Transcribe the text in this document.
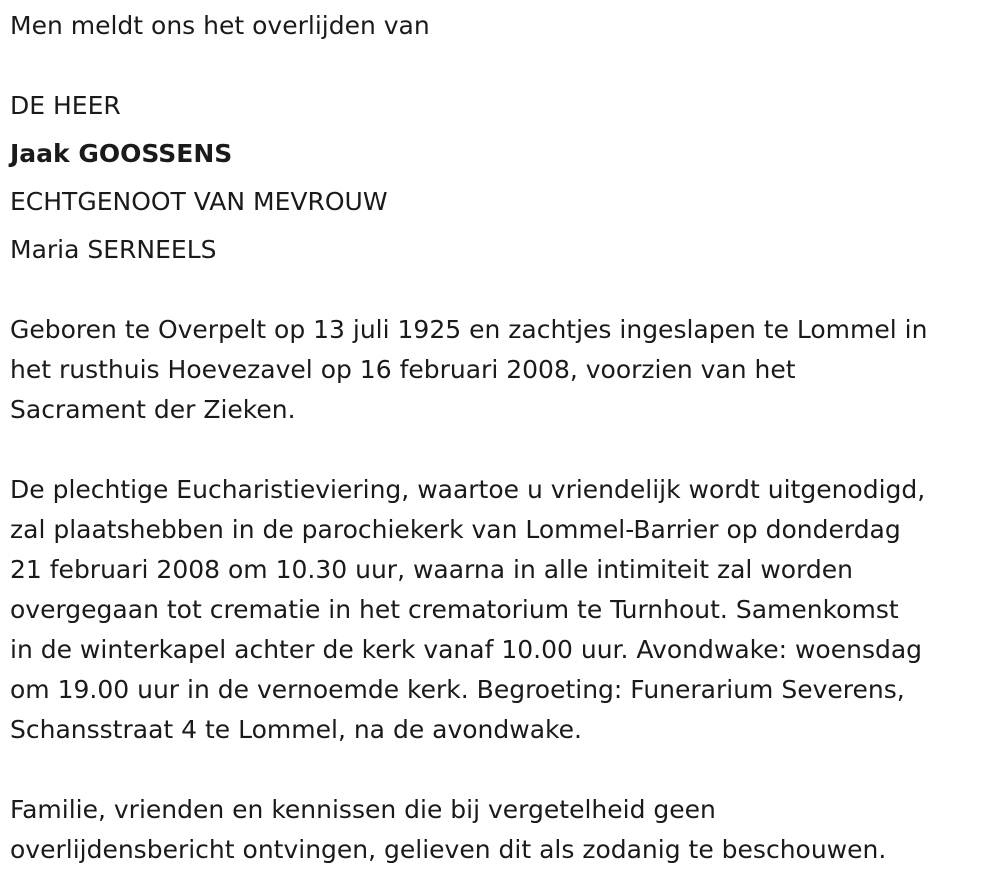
Men meldt ons het overlijden van
DE HEER
Jaak GOOSSENS
ECHTGENOOT VAN MEVROUW
Maria SERNEELS
Geboren te Overpelt op 13 juli 1925 en zachtjes ingeslapen te Lommel in
het rusthuis Hoevezavel op 16 februari 2008, voorzien van het
Sacrament der Zieken.
De plechtige Eucharistieviering, waartoe u vriendelijk wordt uitgenodigd,
zal plaatshebben in de parochiekerk van Lommel-Barrier op donderdag
21 februari 2008 om 10.30 uur, waarna in alle intimiteit zal worden
overgegaan tot crematie in het crematorium te Turnhout. Samenkomst
in de winterkapel achter de kerk vanaf 10.00 uur. Avondwake: woensdag
om 19.00 uur in de vernoemde kerk. Begroeting: Funerarium Severens,
Schansstraat 4 te Lommel, na de avondwake.
Familie, vrienden en kennissen die bij vergetelheid geen
overlijdensbericht ontvingen, gelieven dit als zodanig te beschouwen.
